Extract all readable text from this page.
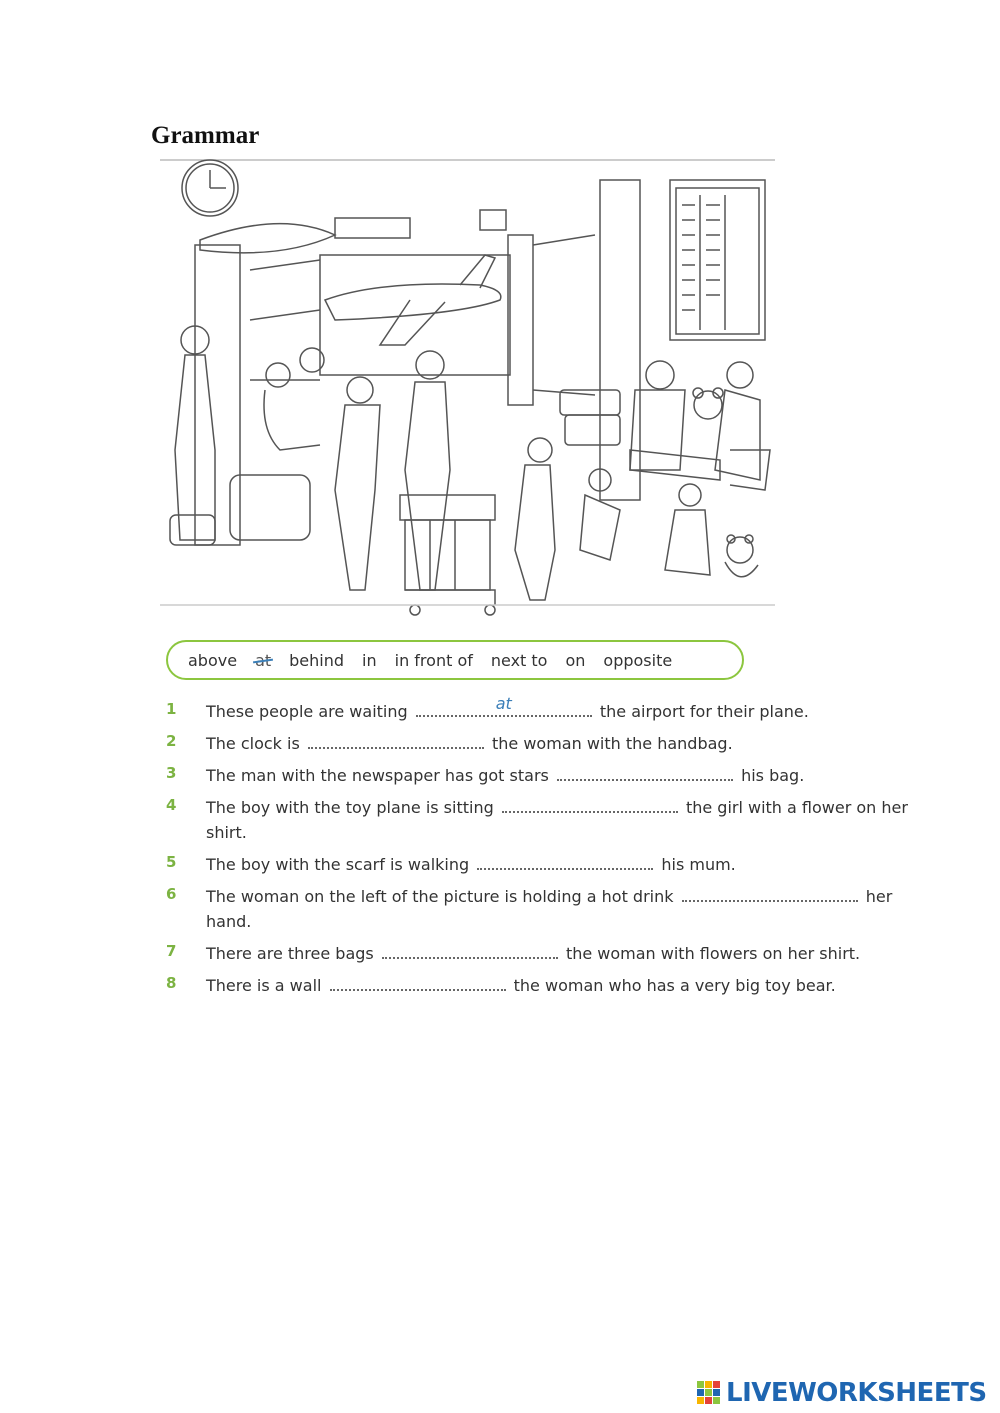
Grammar
above at behind in in front of next to on opposite
1 These people are waiting	at	the airport for their plane.
2 The clock is	the woman with the handbag.
3 The man with the newspaper has got stars	his bag.
4 The boy with the toy plane is sitting	the girl with a flower on her shirt.
5 The boy with the scarf is walking	his mum.
6 The woman on the left of the picture is holding a hot drink	her hand.
7 There are three bags	the woman with flowers on her shirt.
8 There is a wall	the woman who has a very big toy bear.
LIVEWORKSHEETS
